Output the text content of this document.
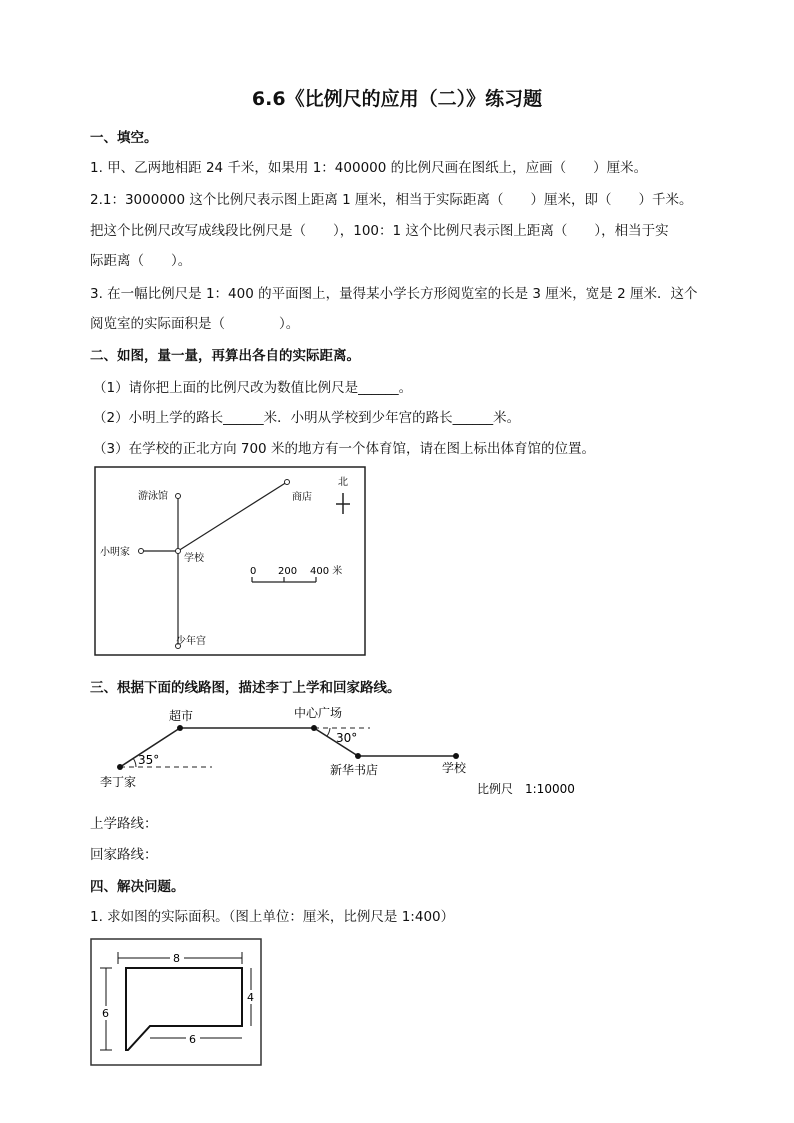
6.6《比例尺的应用（二）》练习题
一、填空。
1. 甲、乙两地相距 24 千米，如果用 1：400000 的比例尺画在图纸上，应画（　　）厘米。
2.1：3000000 这个比例尺表示图上距离 1 厘米，相当于实际距离（　　）厘米，即（　　）千米。
把这个比例尺改写成线段比例尺是（　　），100：1 这个比例尺表示图上距离（　　），相当于实
际距离（　　）。
3. 在一幅比例尺是 1：400 的平面图上，量得某小学长方形阅览室的长是 3 厘米，宽是 2 厘米．这个
阅览室的实际面积是（　　　　）。
二、如图，量一量，再算出各自的实际距离。
（1）请你把上面的比例尺改为数值比例尺是______。
（2）小明上学的路长______米．小明从学校到少年宫的路长______米。
（3）在学校的正北方向 700 米的地方有一个体育馆，请在图上标出体育馆的位置。
游泳馆	商店
小明家
学校
少年宫
北
0 200 400 米
三、根据下面的线路图，描述李丁上学和回家路线。
超市	中心广场
35°
30°
李丁家
新华书店	学校
比例尺　1:10000
上学路线：
回家路线：
四、解决问题。
1. 求如图的实际面积。（图上单位：厘米，比例尺是 1:400）
8
4
6
6
